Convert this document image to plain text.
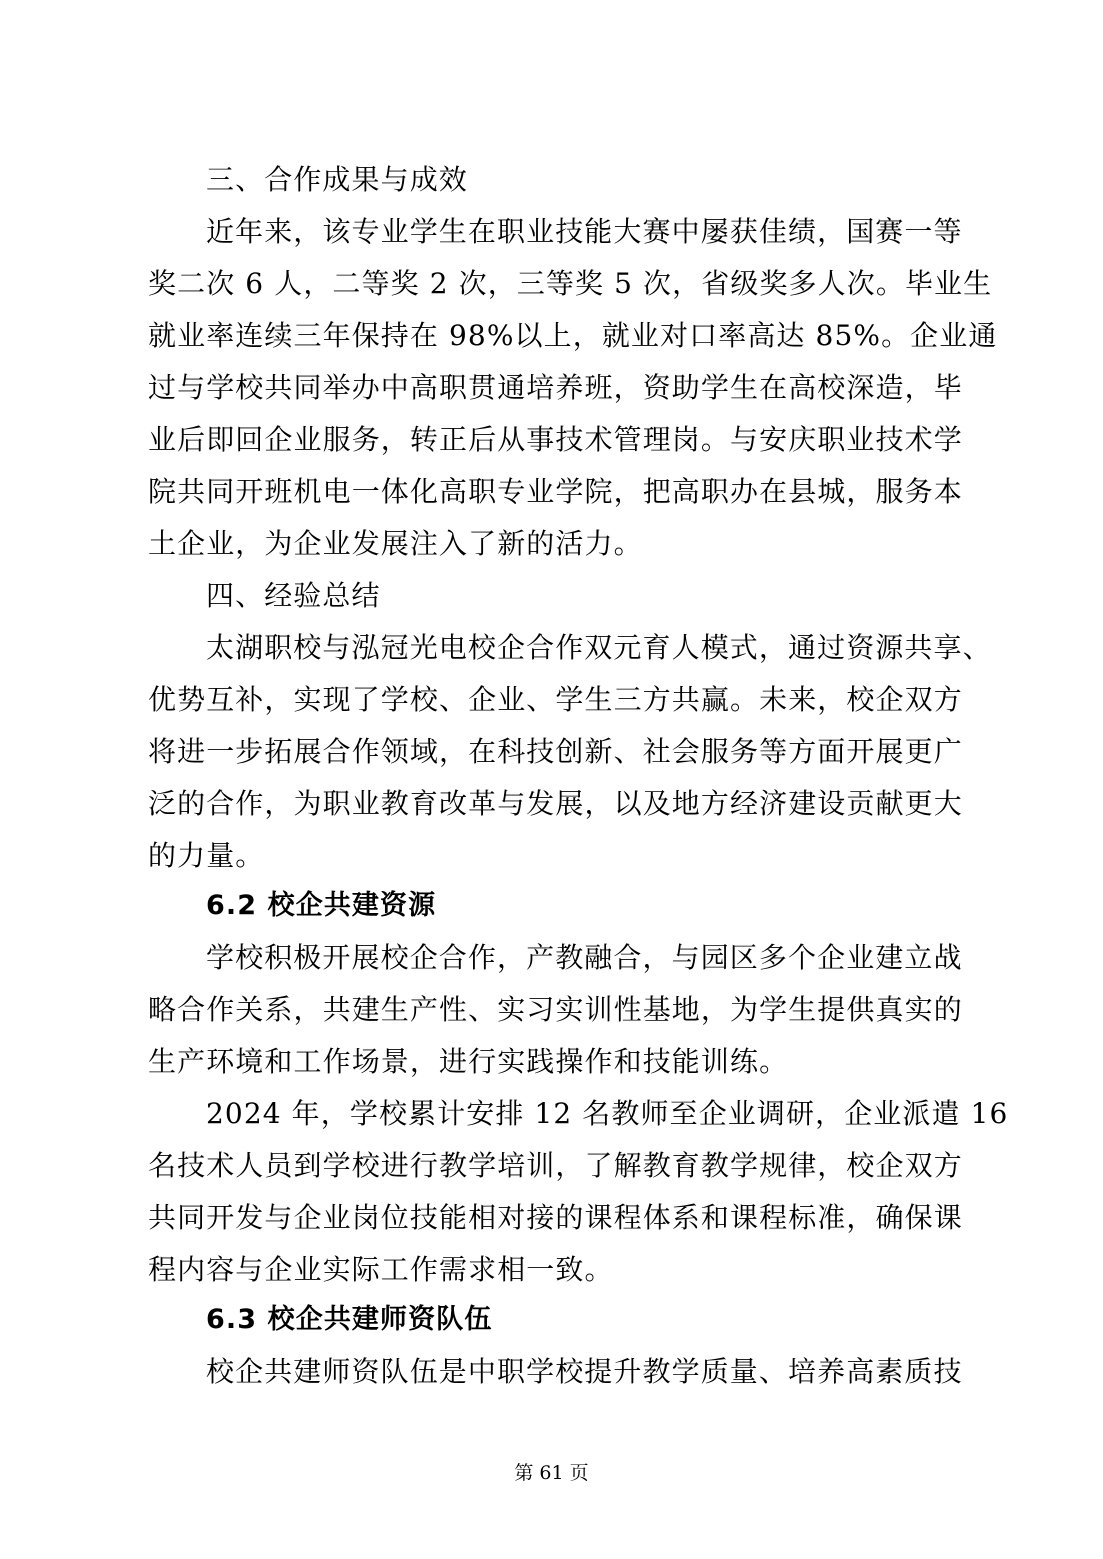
三、合作成果与成效
近年来，该专业学生在职业技能大赛中屡获佳绩，国赛一等
奖二次 6 人，二等奖 2 次，三等奖 5 次，省级奖多人次。毕业生
就业率连续三年保持在 98%以上，就业对口率高达 85%。企业通
过与学校共同举办中高职贯通培养班，资助学生在高校深造，毕
业后即回企业服务，转正后从事技术管理岗。与安庆职业技术学
院共同开班机电一体化高职专业学院，把高职办在县城，服务本
土企业，为企业发展注入了新的活力。
四、经验总结
太湖职校与泓冠光电校企合作双元育人模式，通过资源共享、
优势互补，实现了学校、企业、学生三方共赢。未来，校企双方
将进一步拓展合作领域，在科技创新、社会服务等方面开展更广
泛的合作，为职业教育改革与发展，以及地方经济建设贡献更大
的力量。
6.2 校企共建资源
学校积极开展校企合作，产教融合，与园区多个企业建立战
略合作关系，共建生产性、实习实训性基地，为学生提供真实的
生产环境和工作场景，进行实践操作和技能训练。
2024 年，学校累计安排 12 名教师至企业调研，企业派遣 16
名技术人员到学校进行教学培训，了解教育教学规律，校企双方
共同开发与企业岗位技能相对接的课程体系和课程标准，确保课
程内容与企业实际工作需求相一致。
6.3 校企共建师资队伍
校企共建师资队伍是中职学校提升教学质量、培养高素质技
第 61 页
